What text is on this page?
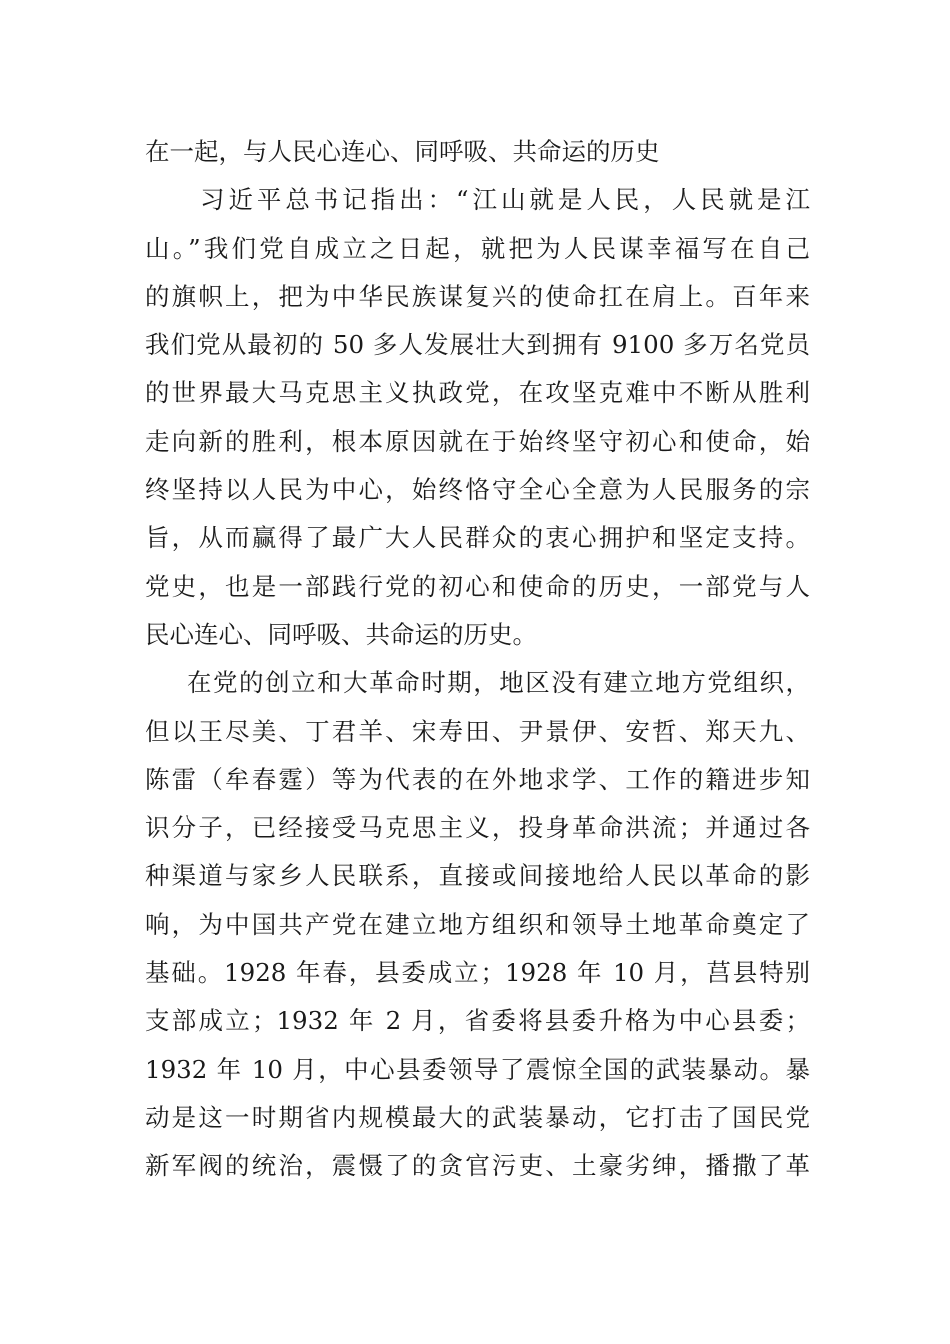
在一起，与人民心连心、同呼吸、共命运的历史
习近平总书记指出：“江山就是人民，人民就是江
山。”我们党自成立之日起，就把为人民谋幸福写在自己
的旗帜上，把为中华民族谋复兴的使命扛在肩上。百年来
我们党从最初的 50 多人发展壮大到拥有 9100 多万名党员
的世界最大马克思主义执政党，在攻坚克难中不断从胜利
走向新的胜利，根本原因就在于始终坚守初心和使命，始
终坚持以人民为中心，始终恪守全心全意为人民服务的宗
旨，从而赢得了最广大人民群众的衷心拥护和坚定支持。
党史，也是一部践行党的初心和使命的历史，一部党与人
民心连心、同呼吸、共命运的历史。
在党的创立和大革命时期，地区没有建立地方党组织，
但以王尽美、丁君羊、宋寿田、尹景伊、安哲、郑天九、
陈雷（牟春霆）等为代表的在外地求学、工作的籍进步知
识分子，已经接受马克思主义，投身革命洪流；并通过各
种渠道与家乡人民联系，直接或间接地给人民以革命的影
响，为中国共产党在建立地方组织和领导土地革命奠定了
基础。1928 年春，县委成立；1928 年 10 月，莒县特别
支部成立；1932 年 2 月，省委将县委升格为中心县委；
1932 年 10 月，中心县委领导了震惊全国的武装暴动。暴
动是这一时期省内规模最大的武装暴动，它打击了国民党
新军阀的统治，震慑了的贪官污吏、土豪劣绅，播撒了革
